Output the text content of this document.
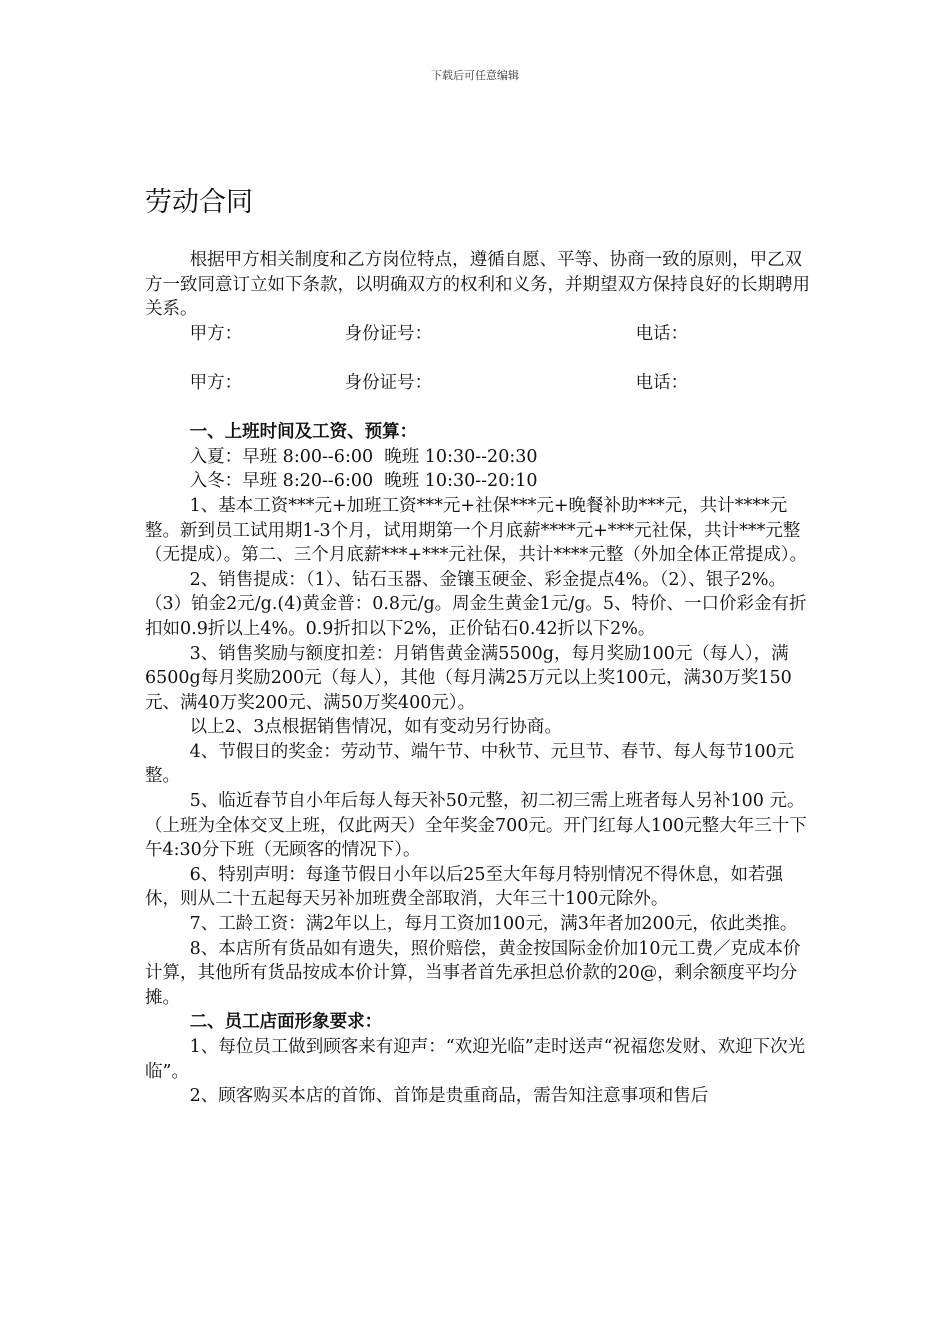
下载后可任意编辑
劳动合同

根据甲方相关制度和乙方岗位特点，遵循自愿、平等、协商一致的原则，甲乙双方一致同意订立如下条款，以明确双方的权利和义务，并期望双方保持良好的长期聘用关系。

甲方：	身份证号：	电话：
甲方：	身份证号：	电话：

一、上班时间及工资、预算：

入夏：早班 8:00--6:00  晚班 10:30--20:30

入冬：早班 8:20--6:00  晚班 10:30--20:10

1、基本工资***元+加班工资***元+社保***元+晚餐补助***元，共计****元整。新到员工试用期1-3个月，试用期第一个月底薪****元+***元社保，共计***元整（无提成）。第二、三个月底薪***+***元社保，共计****元整（外加全体正常提成）。

2、销售提成：（1）、钻石玉器、金镶玉硬金、彩金提点4%。（2）、银子2%。（3）铂金2元/g.(4)黄金普：0.8元/g。周金生黄金1元/g。5、特价、一口价彩金有折扣如0.9折以上4%。0.9折扣以下2%，正价钻石0.42折以下2%。

3、销售奖励与额度扣差：月销售黄金满5500g，每月奖励100元（每人），满6500g每月奖励200元（每人），其他（每月满25万元以上奖100元，满30万奖150元、满40万奖200元、满50万奖400元）。

以上2、3点根据销售情况，如有变动另行协商。

4、节假日的奖金：劳动节、端午节、中秋节、元旦节、春节、每人每节100元整。

5、临近春节自小年后每人每天补50元整，初二初三需上班者每人另补100 元。（上班为全体交叉上班，仅此两天）全年奖金700元。开门红每人100元整大年三十下午4:30分下班（无顾客的情况下）。

6、特别声明：每逢节假日小年以后25至大年每月特别情况不得休息，如若强休，则从二十五起每天另补加班费全部取消，大年三十100元除外。

7、工龄工资：满2年以上，每月工资加100元，满3年者加200元，依此类推。

8、本店所有货品如有遗失，照价赔偿，黄金按国际金价加10元工费／克成本价计算，其他所有货品按成本价计算，当事者首先承担总价款的20@，剩余额度平均分摊。

二、员工店面形象要求：

1、每位员工做到顾客来有迎声：“欢迎光临”走时送声“祝福您发财、欢迎下次光临”。

2、顾客购买本店的首饰、首饰是贵重商品，需告知注意事项和售后
